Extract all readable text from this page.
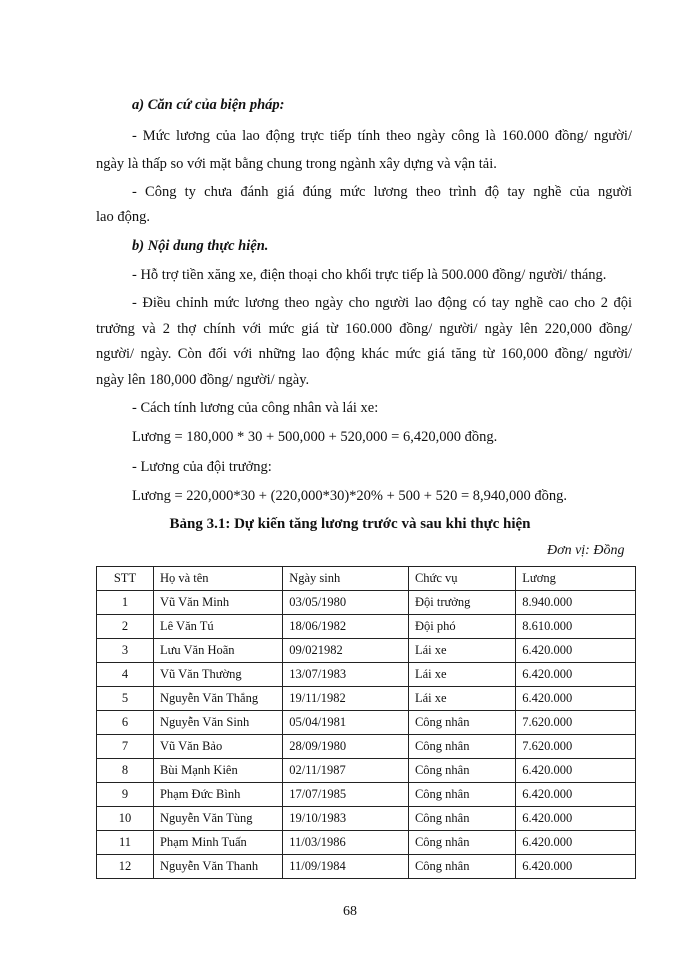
a) Căn cứ của biện pháp:
- Mức lương của lao động trực tiếp tính theo ngày công là 160.000 đồng/ người/
ngày là thấp so với mặt bằng chung trong ngành xây dựng và vận tải.
- Công ty chưa đánh giá đúng mức lương theo trình độ tay nghề của người
lao động.
b) Nội dung thực hiện.
- Hỗ trợ tiền xăng xe, điện thoại cho khối trực tiếp là 500.000 đồng/ người/ tháng.
- Điều chỉnh mức lương theo ngày cho người lao động có tay nghề cao cho 2 đội
trưởng và 2 thợ chính với mức giá từ 160.000 đồng/ người/ ngày lên 220,000 đồng/
người/ ngày. Còn đối với những lao động khác mức giá tăng từ 160,000 đồng/ người/
ngày lên 180,000 đồng/ người/ ngày.
- Cách tính lương của công nhân và lái xe:
Lương = 180,000 * 30 + 500,000 + 520,000 = 6,420,000 đồng.
- Lương của đội trưởng:
Lương = 220,000*30 + (220,000*30)*20% + 500 + 520 = 8,940,000 đồng.
Bảng 3.1: Dự kiến tăng lương trước và sau khi thực hiện
Đơn vị: Đồng
STT	Họ và tên	Ngày sinh	Chức vụ	Lương
1	Vũ Văn Minh	03/05/1980	Đội trưởng	8.940.000
2	Lê Văn Tú	18/06/1982	Đội phó	8.610.000
3	Lưu Văn Hoãn	09/021982	Lái xe	6.420.000
4	Vũ Văn Thường	13/07/1983	Lái xe	6.420.000
5	Nguyễn Văn Thắng	19/11/1982	Lái xe	6.420.000
6	Nguyễn Văn Sinh	05/04/1981	Công nhân	7.620.000
7	Vũ Văn Bảo	28/09/1980	Công nhân	7.620.000
8	Bùi Mạnh Kiên	02/11/1987	Công nhân	6.420.000
9	Phạm Đức Bình	17/07/1985	Công nhân	6.420.000
10	Nguyễn Văn Tùng	19/10/1983	Công nhân	6.420.000
11	Phạm Minh Tuấn	11/03/1986	Công nhân	6.420.000
12	Nguyễn Văn Thanh	11/09/1984	Công nhân	6.420.000
68
